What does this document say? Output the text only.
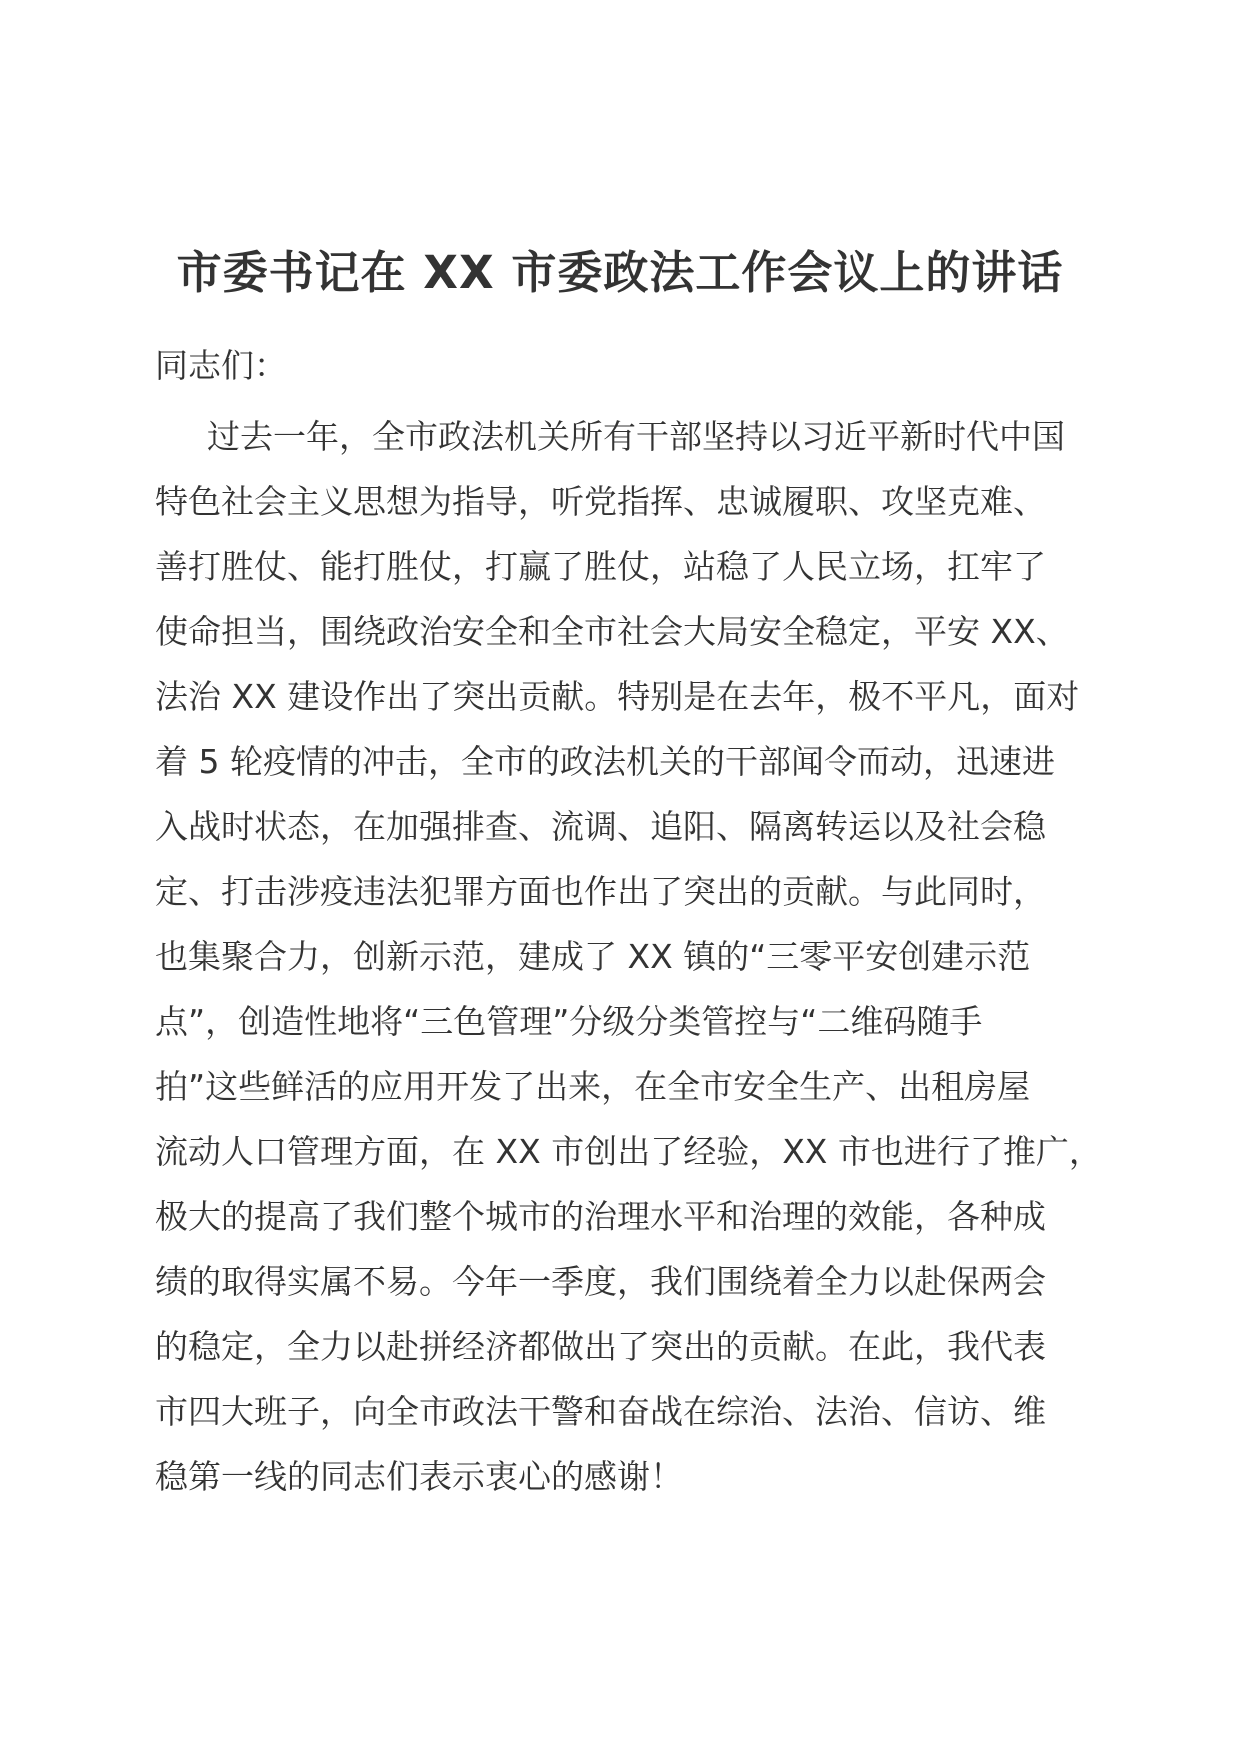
市委书记在 XX 市委政法工作会议上的讲话
同志们：
过去一年，全市政法机关所有干部坚持以习近平新时代中国
特色社会主义思想为指导，听党指挥、忠诚履职、攻坚克难、
善打胜仗、能打胜仗，打赢了胜仗，站稳了人民立场，扛牢了
使命担当，围绕政治安全和全市社会大局安全稳定，平安 XX、
法治 XX 建设作出了突出贡献。特别是在去年，极不平凡，面对
着 5 轮疫情的冲击，全市的政法机关的干部闻令而动，迅速进
入战时状态，在加强排查、流调、追阳、隔离转运以及社会稳
定、打击涉疫违法犯罪方面也作出了突出的贡献。与此同时，
也集聚合力，创新示范，建成了 XX 镇的“三零平安创建示范
点”，创造性地将“三色管理”分级分类管控与“二维码随手
拍”这些鲜活的应用开发了出来，在全市安全生产、出租房屋
流动人口管理方面，在 XX 市创出了经验，XX 市也进行了推广，
极大的提高了我们整个城市的治理水平和治理的效能，各种成
绩的取得实属不易。今年一季度，我们围绕着全力以赴保两会
的稳定，全力以赴拼经济都做出了突出的贡献。在此，我代表
市四大班子，向全市政法干警和奋战在综治、法治、信访、维
稳第一线的同志们表示衷心的感谢！
